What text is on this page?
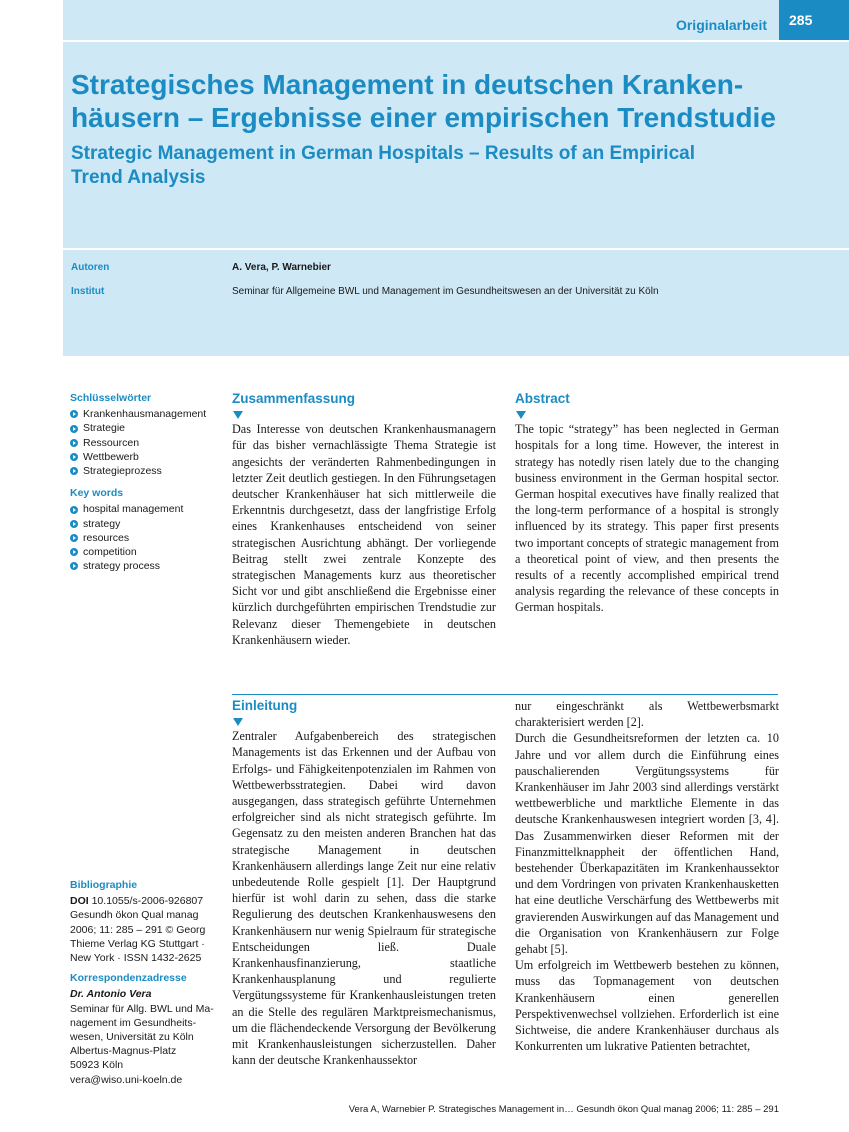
Originalarbeit	285
Strategisches Management in deutschen Kranken-häusern – Ergebnisse einer empirischen Trendstudie
Strategic Management in German Hospitals – Results of an Empirical Trend Analysis
Autoren	A. Vera, P. Warnebier
Institut	Seminar für Allgemeine BWL und Management im Gesundheitswesen an der Universität zu Köln
Schlüsselwörter
Krankenhausmanagement
Strategie
Ressourcen
Wettbewerb
Strategieprozess
Key words
hospital management
strategy
resources
competition
strategy process
Bibliographie

DOI 10.1055/s-2006-926807

Gesundh ökon Qual manag

2006; 11: 285 – 291 © Georg

Thieme Verlag KG Stuttgart ·

New York · ISSN 1432-2625

Korrespondenzadresse

Dr. Antonio Vera

Seminar für Allg. BWL und Ma-

nagement im Gesundheits-

wesen, Universität zu Köln

Albertus-Magnus-Platz

50923 Köln

vera@wiso.uni-koeln.de

Zusammenfassung

Das Interesse von deutschen Krankenhausmanagern für das bisher vernachlässigte Thema Strategie ist angesichts der veränderten Rahmenbedingungen in letzter Zeit deutlich gestiegen. In den Führungsetagen deutscher Krankenhäuser hat sich mittlerweile die Erkenntnis durchgesetzt, dass der langfristige Erfolg eines Krankenhauses entscheidend von seiner strategischen Ausrichtung abhängt. Der vorliegende Beitrag stellt zwei zentrale Konzepte des strategischen Managements kurz aus theoretischer Sicht vor und gibt anschließend die Ergebnisse einer kürzlich durchgeführten empirischen Trendstudie zur Relevanz dieser Themengebiete in deutschen Krankenhäusern wieder.

Abstract

The topic “strategy” has been neglected in German hospitals for a long time. However, the interest in strategy has notedly risen lately due to the changing business environment in the German hospital sector. German hospital executives have finally realized that the long-term performance of a hospital is strongly influenced by its strategy. This paper first presents two important concepts of strategic management from a theoretical point of view, and then presents the results of a recently accomplished empirical trend analysis regarding the relevance of these concepts in German hospitals.

Einleitung

Zentraler Aufgabenbereich des strategischen Managements ist das Erkennen und der Aufbau von Erfolgs- und Fähigkeitenpotenzialen im Rahmen von Wettbewerbsstrategien. Dabei wird davon ausgegangen, dass strategisch geführte Unternehmen erfolgreicher sind als nicht strategisch geführte. Im Gegensatz zu den meisten anderen Branchen hat das strategische Management in deutschen Krankenhäusern allerdings lange Zeit nur eine relativ unbedeutende Rolle gespielt [1]. Der Hauptgrund hierfür ist wohl darin zu sehen, dass die starke Regulierung des deutschen Krankenhauswesens den Krankenhäusern nur wenig Spielraum für strategische Entscheidungen ließ. Duale Krankenhausfinanzierung, staatliche Krankenhausplanung und regulierte Vergütungssysteme für Krankenhausleistungen treten an die Stelle des regulären Marktpreismechanismus, um die flächendeckende Versorgung der Bevölkerung mit Krankenhausleistungen sicherzustellen. Daher kann der deutsche Krankenhaussektor

nur eingeschränkt als Wettbewerbsmarkt charakterisiert werden [2].

Durch die Gesundheitsreformen der letzten ca. 10 Jahre und vor allem durch die Einführung eines pauschalierenden Vergütungssystems für Krankenhäuser im Jahr 2003 sind allerdings verstärkt wettbewerbliche und marktliche Elemente in das deutsche Krankenhauswesen integriert worden [3, 4]. Das Zusammenwirken dieser Reformen mit der Finanzmittelknappheit der öffentlichen Hand, bestehender Überkapazitäten im Krankenhaussektor und dem Vordringen von privaten Krankenhausketten hat eine deutliche Verschärfung des Wettbewerbs mit gravierenden Auswirkungen auf das Management und die Organisation von Krankenhäusern zur Folge gehabt [5].

Um erfolgreich im Wettbewerb bestehen zu können, muss das Topmanagement von deutschen Krankenhäusern einen generellen Perspektivenwechsel vollziehen. Erforderlich ist eine Sichtweise, die andere Krankenhäuser durchaus als Konkurrenten um lukrative Patienten betrachtet,

Vera A, Warnebier P. Strategisches Management in… Gesundh ökon Qual manag 2006; 11: 285 – 291
